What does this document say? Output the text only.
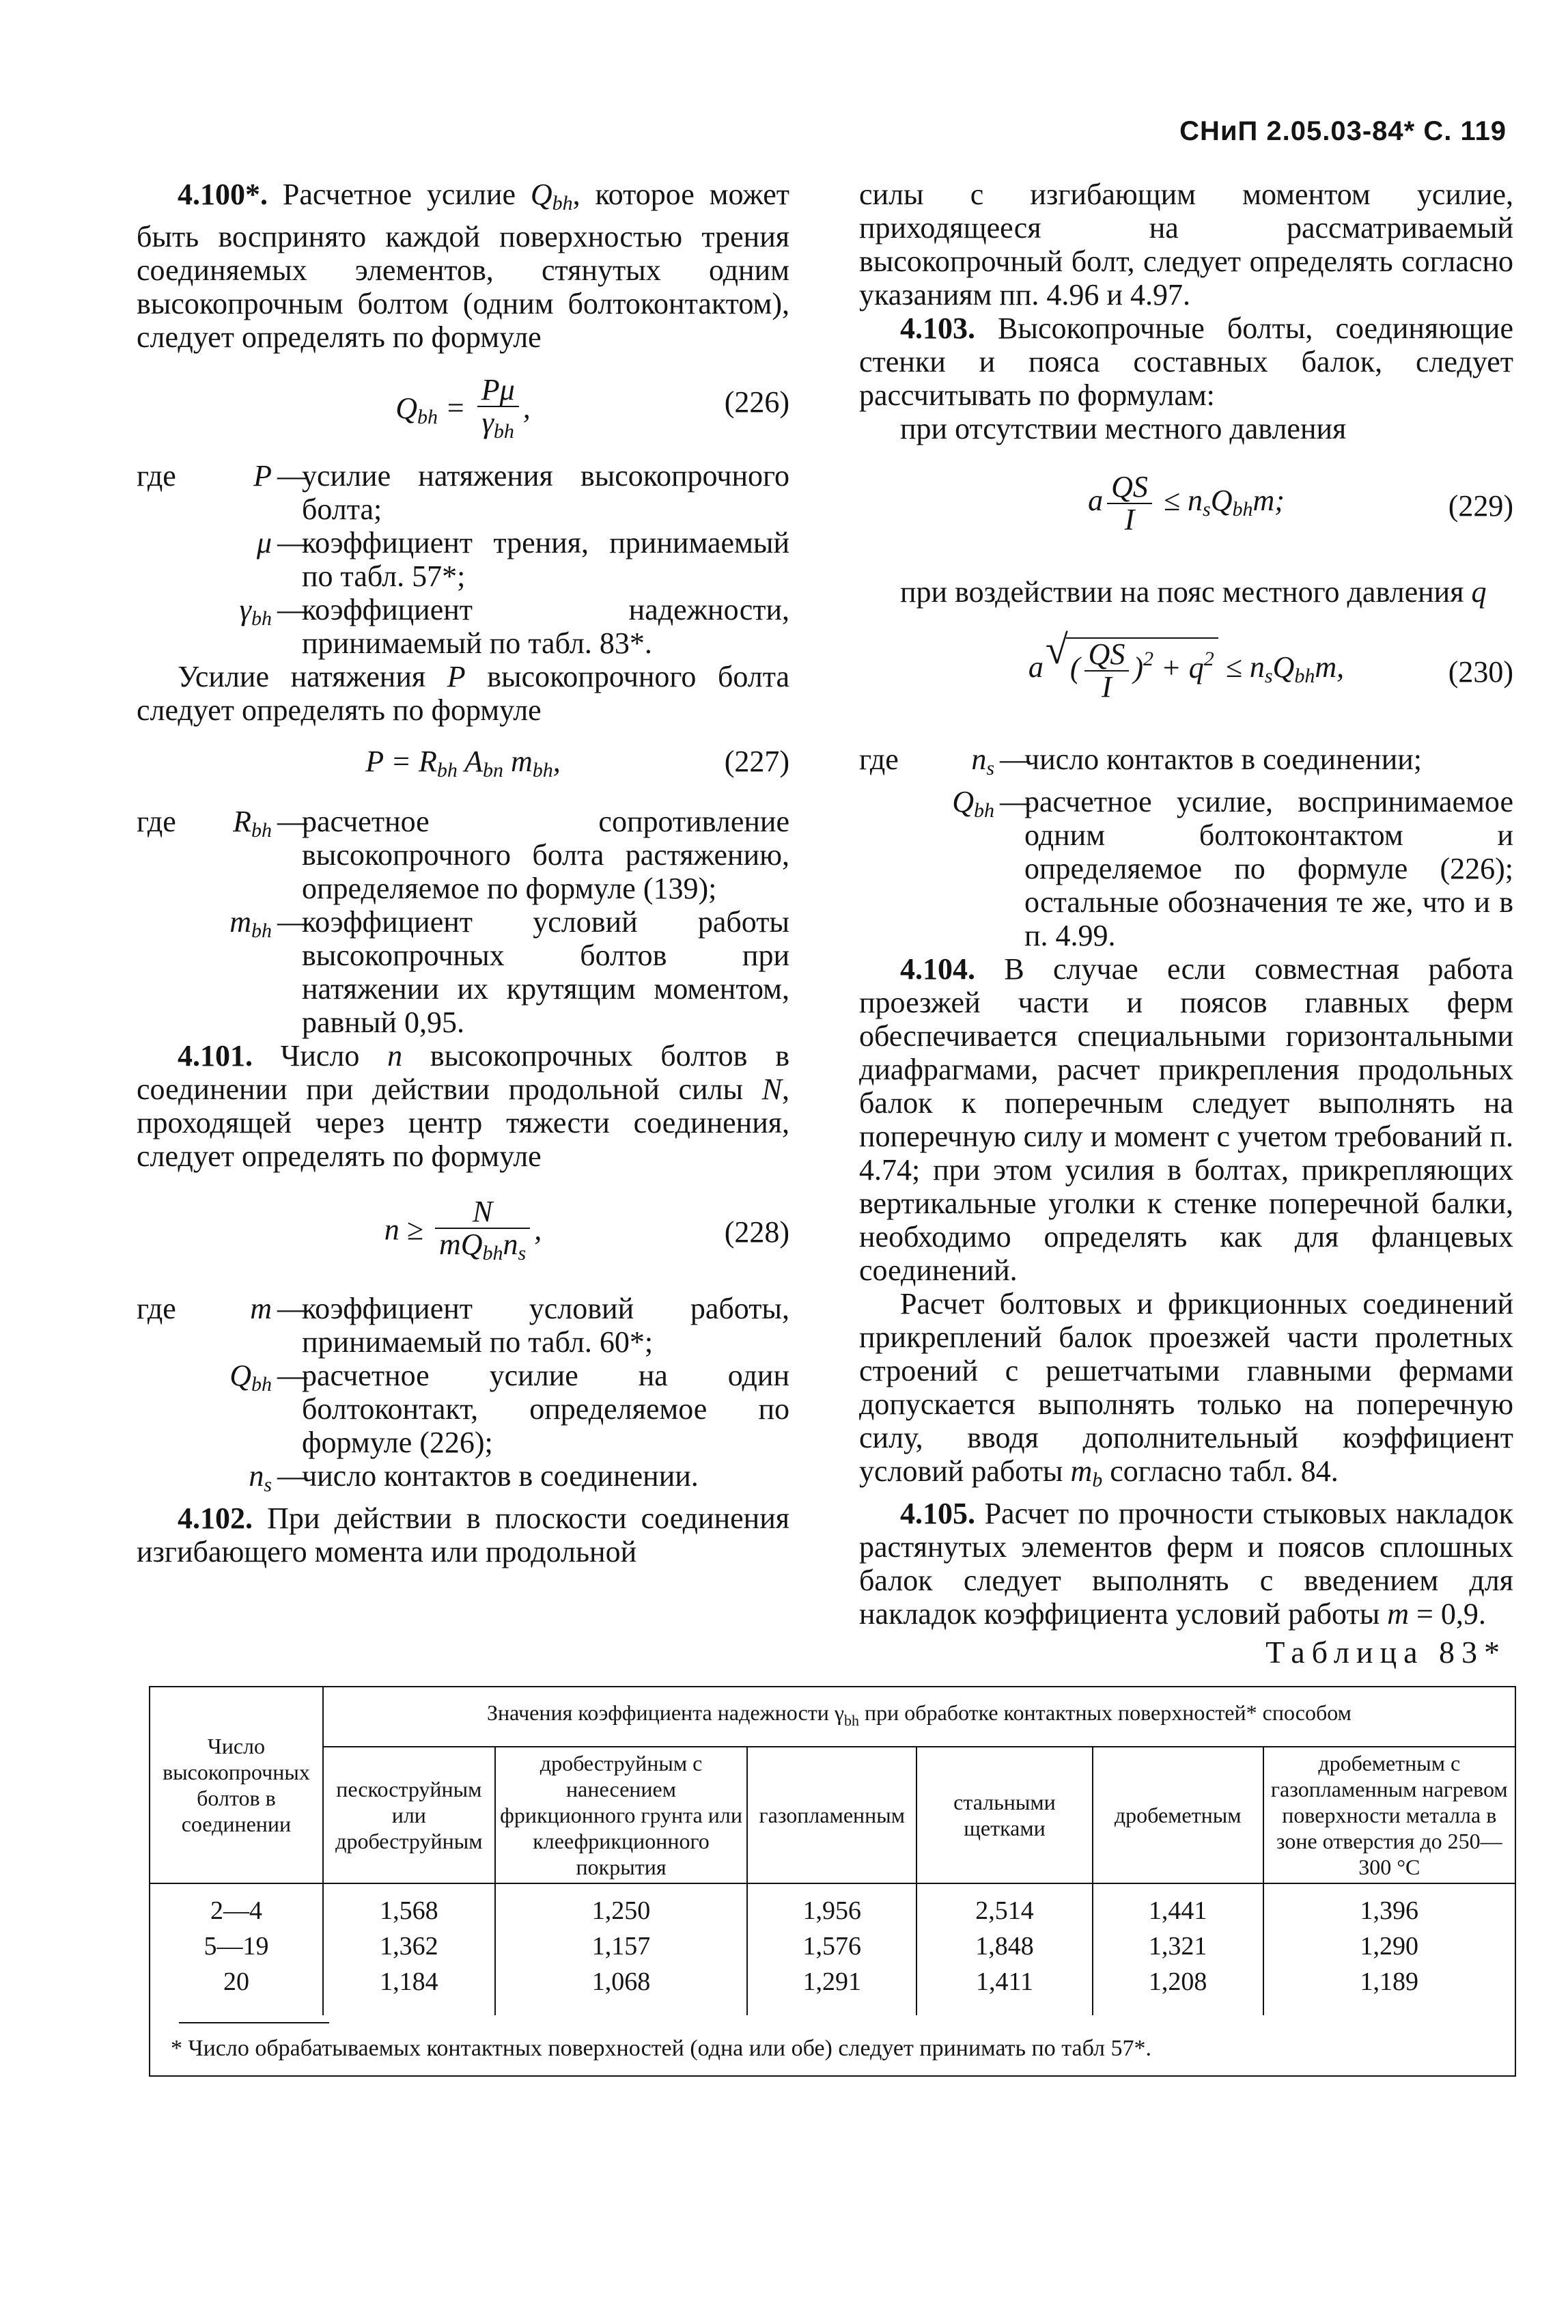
СНиП 2.05.03-84* С. 119

4.100*. Расчетное усилие $Q_{bh}$, которое может быть воспринято каждой поверхностью трения соединяемых элементов, стянутых одним высокопрочным болтом (одним болтоконтактом), следует определять по формуле

$Q_{bh} = \frac{P\mu}{\gamma_{bh}}$ ,	(226)
где	P —
усилие натяжения высокопрочного болта;
μ —
коэффициент трения, принимаемый по табл. 57*;
$\gamma_{bh}$ —
коэффициент надежности, принимаемый по табл. 83*.

Усилие натяжения P высокопрочного болта следует определять по формуле

$P = R_{bh}$ $A_{bn}$ $m_{bh}$,	(227)
где	$R_{bh}$ —
расчетное сопротивление высокопрочного болта растяжению, определяемое по формуле (139);
$m_{bh}$ —
коэффициент условий работы высокопрочных болтов при натяжении их крутящим моментом, равный 0,95.

4.101. Число n высокопрочных болтов в соединении при действии продольной силы N, проходящей через центр тяжести соединения, следует определять по формуле

$n \ge \frac{N}{mQ_{bh}n_s}$ ,	(228)
где	m —
коэффициент условий работы, принимаемый по табл. 60*;
$Q_{bh}$ —
расчетное усилие на один болтоконтакт, определяемое по формуле (226);
$n_s$ —
число контактов в соединении.

4.102. При действии в плоскости соединения изгибающего момента или продольной

силы с изгибающим моментом усилие, приходящееся на рассматриваемый высокопрочный болт, следует определять согласно указаниям пп. 4.96 и 4.97.

4.103. Высокопрочные болты, соединяющие стенки и пояса составных балок, следует рассчитывать по формулам:

при отсутствии местного давления

a $\frac{QS}{I} \le n_sQ_{bh}m$;	(229)

при воздействии на пояс местного давления q

a √ ( $\frac{QS}{I} )^2 + q^2 \le n_sQ_{bh}m$,	(230)
где	$n_s$ —
число контактов в соединении;
$Q_{bh}$ —
расчетное усилие, воспринимаемое одним болтоконтактом и определяемое по формуле (226); остальные обозначения те же, что и в п. 4.99.

4.104. В случае если совместная работа проезжей части и поясов главных ферм обеспечивается специальными горизонтальными диафрагмами, расчет прикрепления продольных балок к поперечным следует выполнять на поперечную силу и момент с учетом требований п. 4.74; при этом усилия в болтах, прикрепляющих вертикальные уголки к стенке поперечной балки, необходимо определять как для фланцевых соединений.

Расчет болтовых и фрикционных соединений прикреплений балок проезжей части пролетных строений с решетчатыми главными фермами допускается выполнять только на поперечную силу, вводя дополнительный коэффициент условий работы $m_b$ согласно табл. 84.

4.105. Расчет по прочности стыковых накладок растянутых элементов ферм и поясов сплошных балок следует выполнять с введением для накладок коэффициента условий работы m = 0,9.

Таблица 83*
Число высокопрочных болтов в соединении	Значения коэффициента надежности $\gamma_{bh}$ при обработке контактных поверхностей* способом					
	пескоструйным или дробеструйным	дробеструйным с нанесением фрикционного грунта или клеефрикционного покрытия	газопламенным	стальными щетками	дробеметным	дробеметным с газопламенным нагревом поверхности металла в зоне отверстия до 250—300 °С
2—4	1,568	1,250	1,956	2,514	1,441	1,396
5—19	1,362	1,157	1,576	1,848	1,321	1,290
20	1,184	1,068	1,291	1,411	1,208	1,189

* Число обрабатываемых контактных поверхностей (одна или обе) следует принимать по табл 57*.						
